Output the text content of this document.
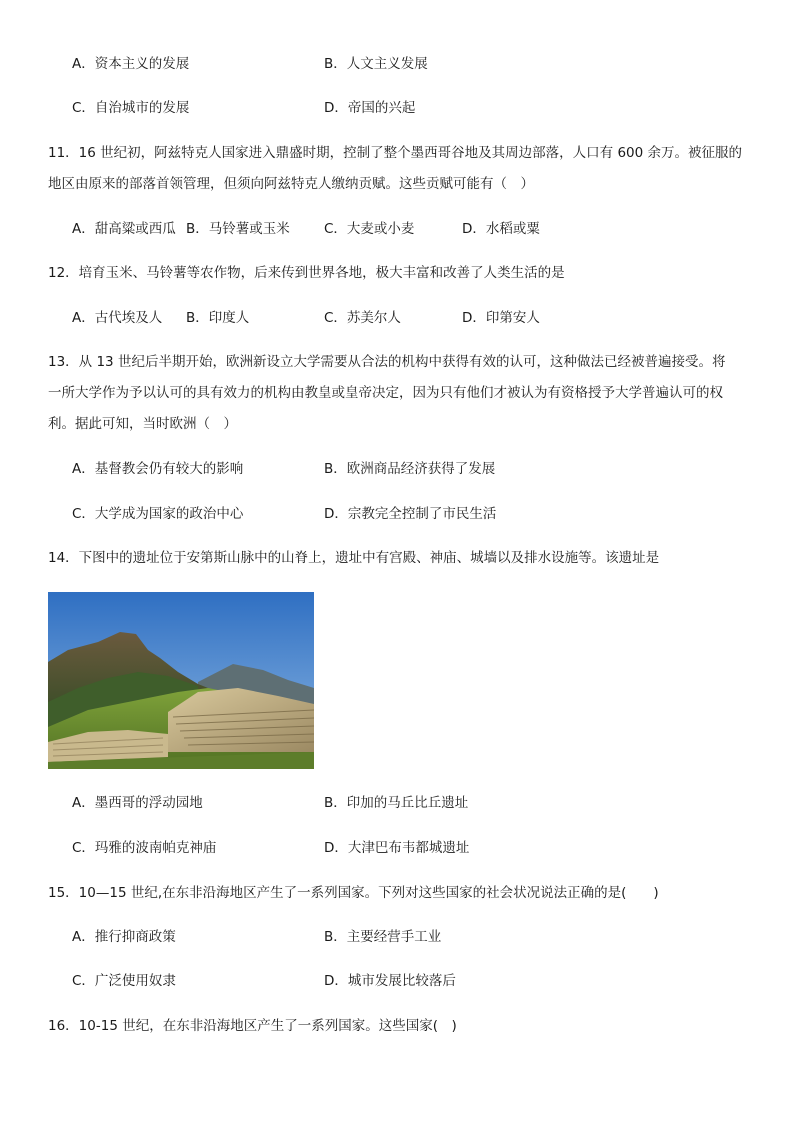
A．资本主义的发展	B．人文主义发展
C．自治城市的发展	D．帝国的兴起
11．16 世纪初，阿兹特克人国家进入鼎盛时期，控制了整个墨西哥谷地及其周边部落，人口有 600 余万。被征服的
地区由原来的部落首领管理，但须向阿兹特克人缴纳贡赋。这些贡赋可能有（　）
A．甜高粱或西瓜 B．马铃薯或玉米	C．大麦或小麦	D．水稻或粟
12．培育玉米、马铃薯等农作物，后来传到世界各地，极大丰富和改善了人类生活的是
A．古代埃及人 B．印度人	C．苏美尔人	D．印第安人
13．从 13 世纪后半期开始，欧洲新设立大学需要从合法的机构中获得有效的认可，这种做法已经被普遍接受。将
一所大学作为予以认可的具有效力的机构由教皇或皇帝决定，因为只有他们才被认为有资格授予大学普遍认可的权
利。据此可知，当时欧洲（　）
A．基督教会仍有较大的影响	B．欧洲商品经济获得了发展
C．大学成为国家的政治中心	D．宗教完全控制了市民生活
14．下图中的遗址位于安第斯山脉中的山脊上，遗址中有宫殿、神庙、城墙以及排水设施等。该遗址是
A．墨西哥的浮动园地	B．印加的马丘比丘遗址
C．玛雅的波南帕克神庙	D．大津巴布韦都城遗址
15．10—15 世纪,在东非沿海地区产生了一系列国家。下列对这些国家的社会状况说法正确的是(　　)
A．推行抑商政策	B．主要经营手工业
C．广泛使用奴隶	D．城市发展比较落后
16．10-15 世纪，在东非沿海地区产生了一系列国家。这些国家(　)
